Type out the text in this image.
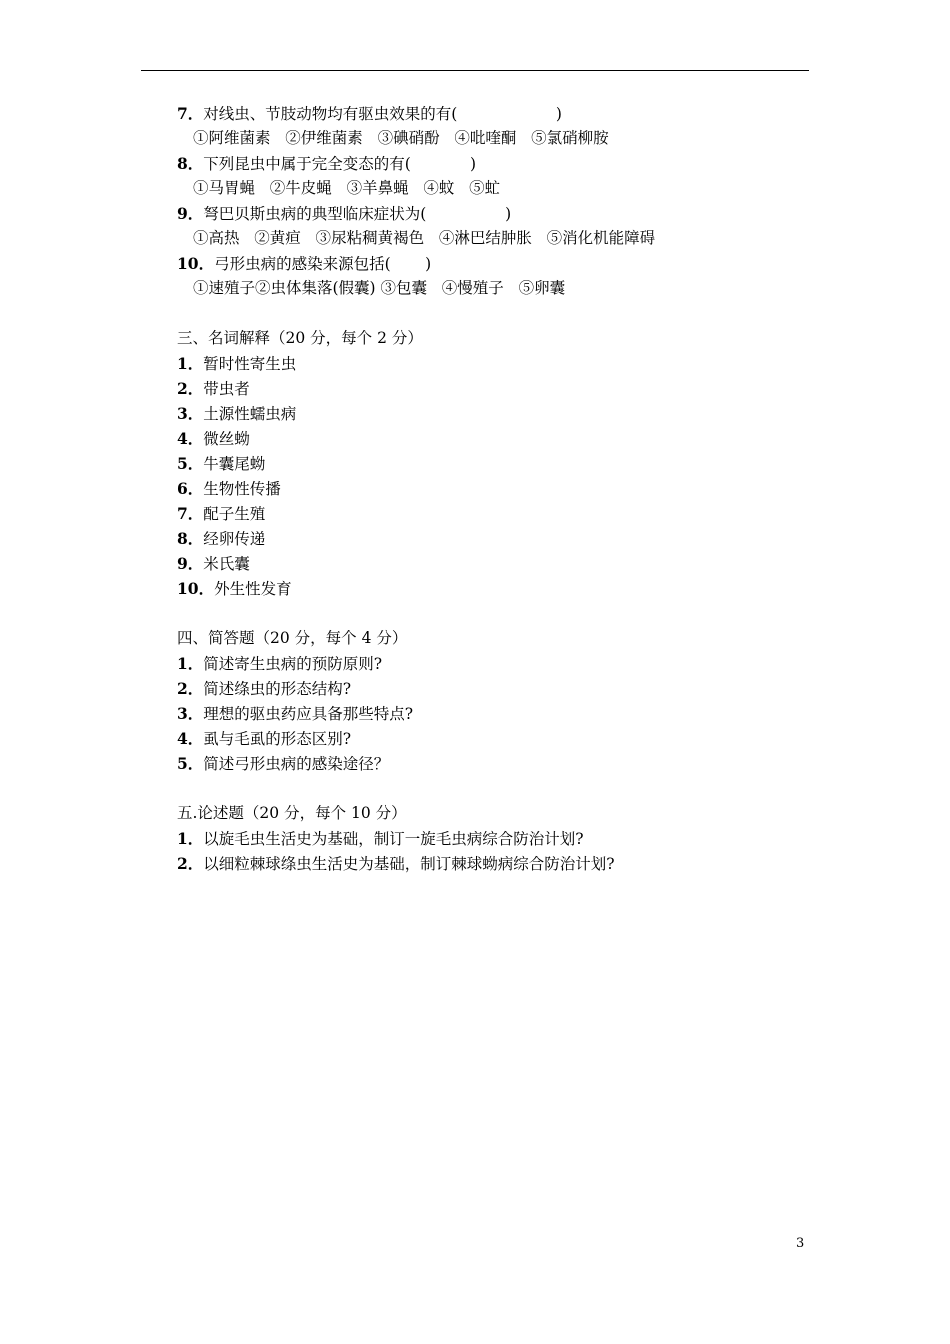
7．对线虫、节肢动物均有驱虫效果的有(                    )
①阿维菌素   ②伊维菌素   ③碘硝酚   ④吡喹酮   ⑤氯硝柳胺
8．下列昆虫中属于完全变态的有(            )
①马胃蝇   ②牛皮蝇   ③羊鼻蝇   ④蚊   ⑤虻
9．弩巴贝斯虫病的典型临床症状为(                )
①高热   ②黄疸   ③尿粘稠黄褐色   ④淋巴结肿胀   ⑤消化机能障碍
10．弓形虫病的感染来源包括(       )
①速殖子②虫体集落(假囊) ③包囊   ④慢殖子   ⑤卵囊
三、名词解释（20 分，每个 2 分）
1．暂时性寄生虫
2．带虫者
3．土源性蠕虫病
4．微丝蚴
5．牛囊尾蚴
6．生物性传播
7．配子生殖
8．经卵传递
9．米氏囊
10．外生性发育
四、简答题（20 分，每个 4 分）
1．简述寄生虫病的预防原则?
2．简述绦虫的形态结构?
3．理想的驱虫药应具备那些特点?
4．虱与毛虱的形态区别?
5．简述弓形虫病的感染途径？
五.论述题（20 分，每个 10 分）
1．以旋毛虫生活史为基础，制订一旋毛虫病综合防治计划?
2．以细粒棘球绦虫生活史为基础，制订棘球蚴病综合防治计划?
3
